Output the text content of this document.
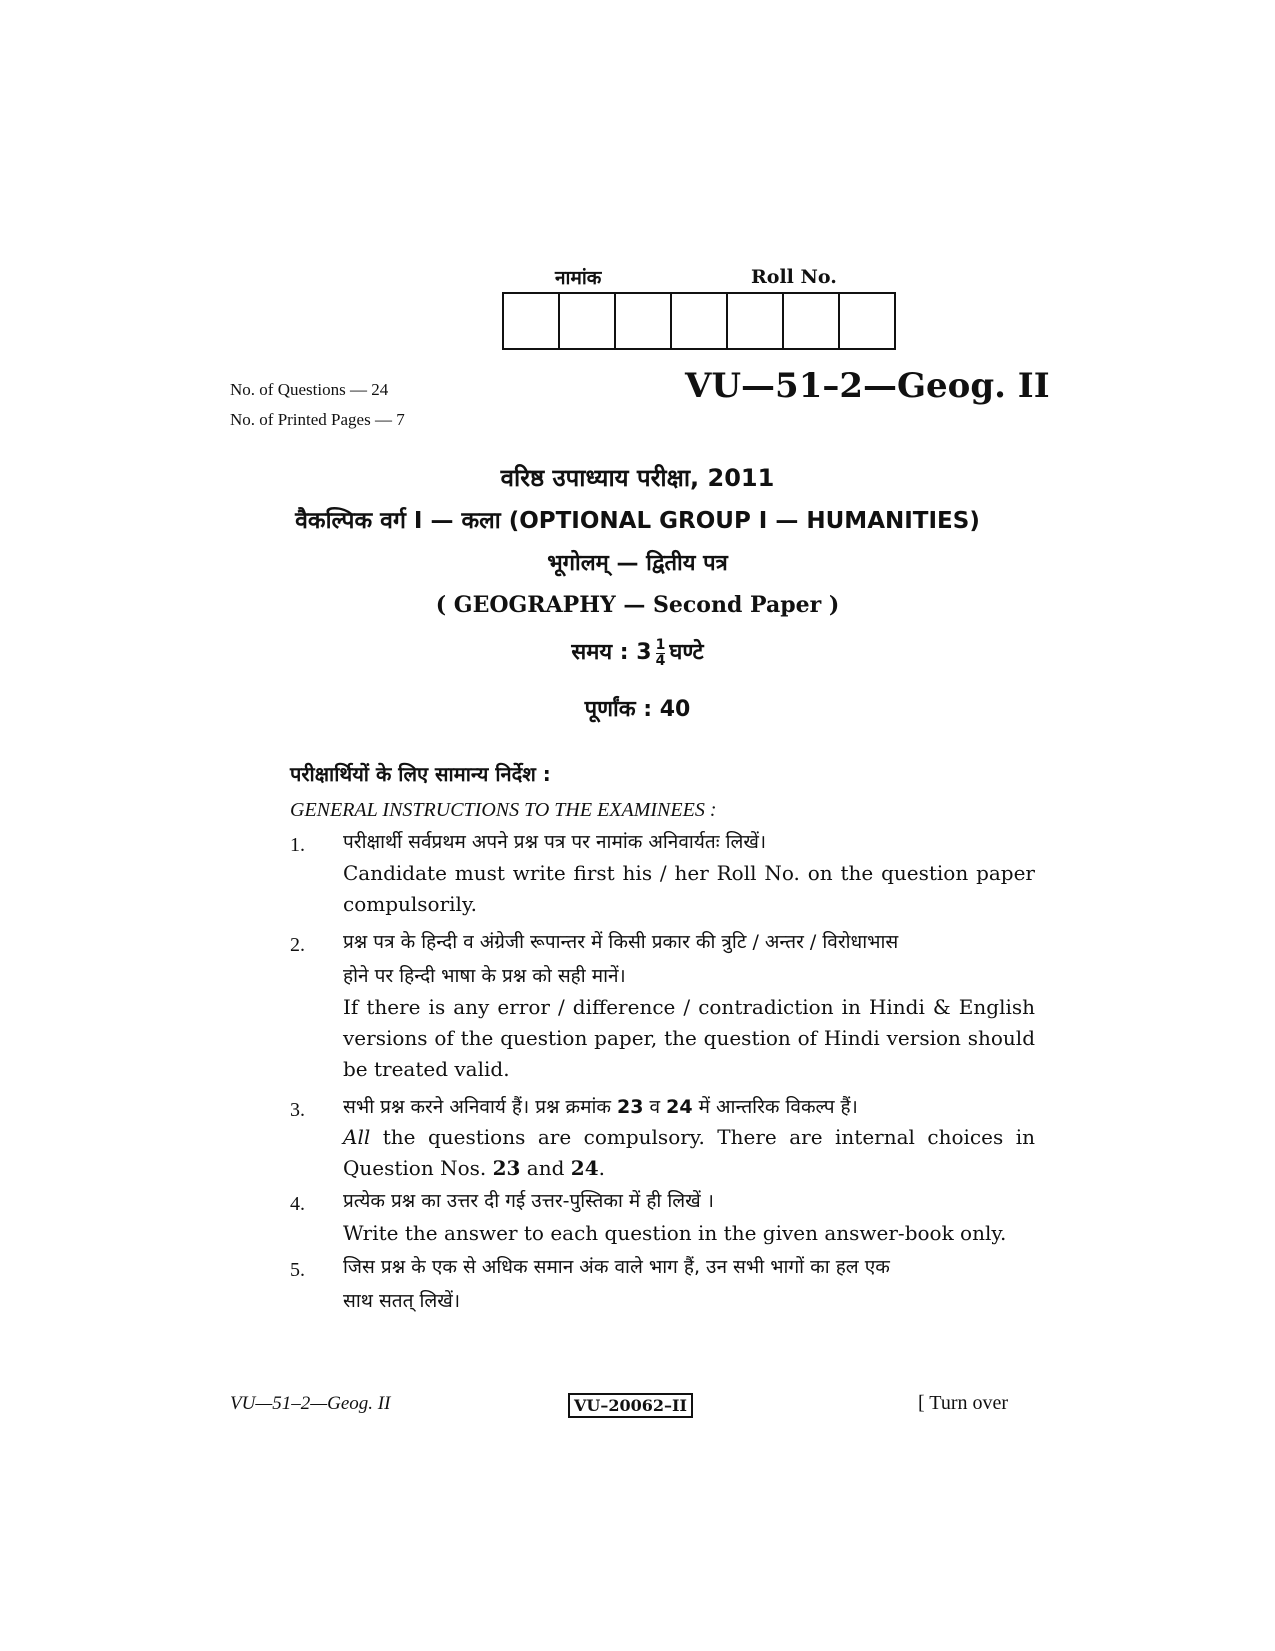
नामांक	Roll No.
No. of Questions — 24
No. of Printed Pages — 7
VU—51–2—Geog. II
वरिष्ठ उपाध्याय परीक्षा, 2011
वैकल्पिक वर्ग I — कला (OPTIONAL GROUP I — HUMANITIES)
भूगोलम् — द्वितीय पत्र
( GEOGRAPHY — Second Paper )
समय : $3 \frac{1}{4}$ घण्टे
पूर्णांक : 40
परीक्षार्थियों के लिए सामान्य निर्देश :
GENERAL INSTRUCTIONS TO THE EXAMINEES :
1. परीक्षार्थी सर्वप्रथम अपने प्रश्न पत्र पर नामांक अनिवार्यतः लिखें।
Candidate must write first his / her Roll No. on the question paper compulsorily.
2. प्रश्न पत्र के हिन्दी व अंग्रेजी रूपान्तर में किसी प्रकार की त्रुटि / अन्तर / विरोधाभास
होने पर हिन्दी भाषा के प्रश्न को सही मानें।
If there is any error / difference / contradiction in Hindi & English versions of the question paper, the question of Hindi version should be treated valid.
3. सभी प्रश्न करने अनिवार्य हैं। प्रश्न क्रमांक 23 व 24 में आन्तरिक विकल्प हैं।
All the questions are compulsory. There are internal choices in Question Nos. 23 and 24.
4. प्रत्येक प्रश्न का उत्तर दी गई उत्तर-पुस्तिका में ही लिखें ।
Write the answer to each question in the given answer-book only.
5. जिस प्रश्न के एक से अधिक समान अंक वाले भाग हैं, उन सभी भागों का हल एक
साथ सतत् लिखें।
VU—51–2—Geog. II	VU–20062–II	[ Turn over
